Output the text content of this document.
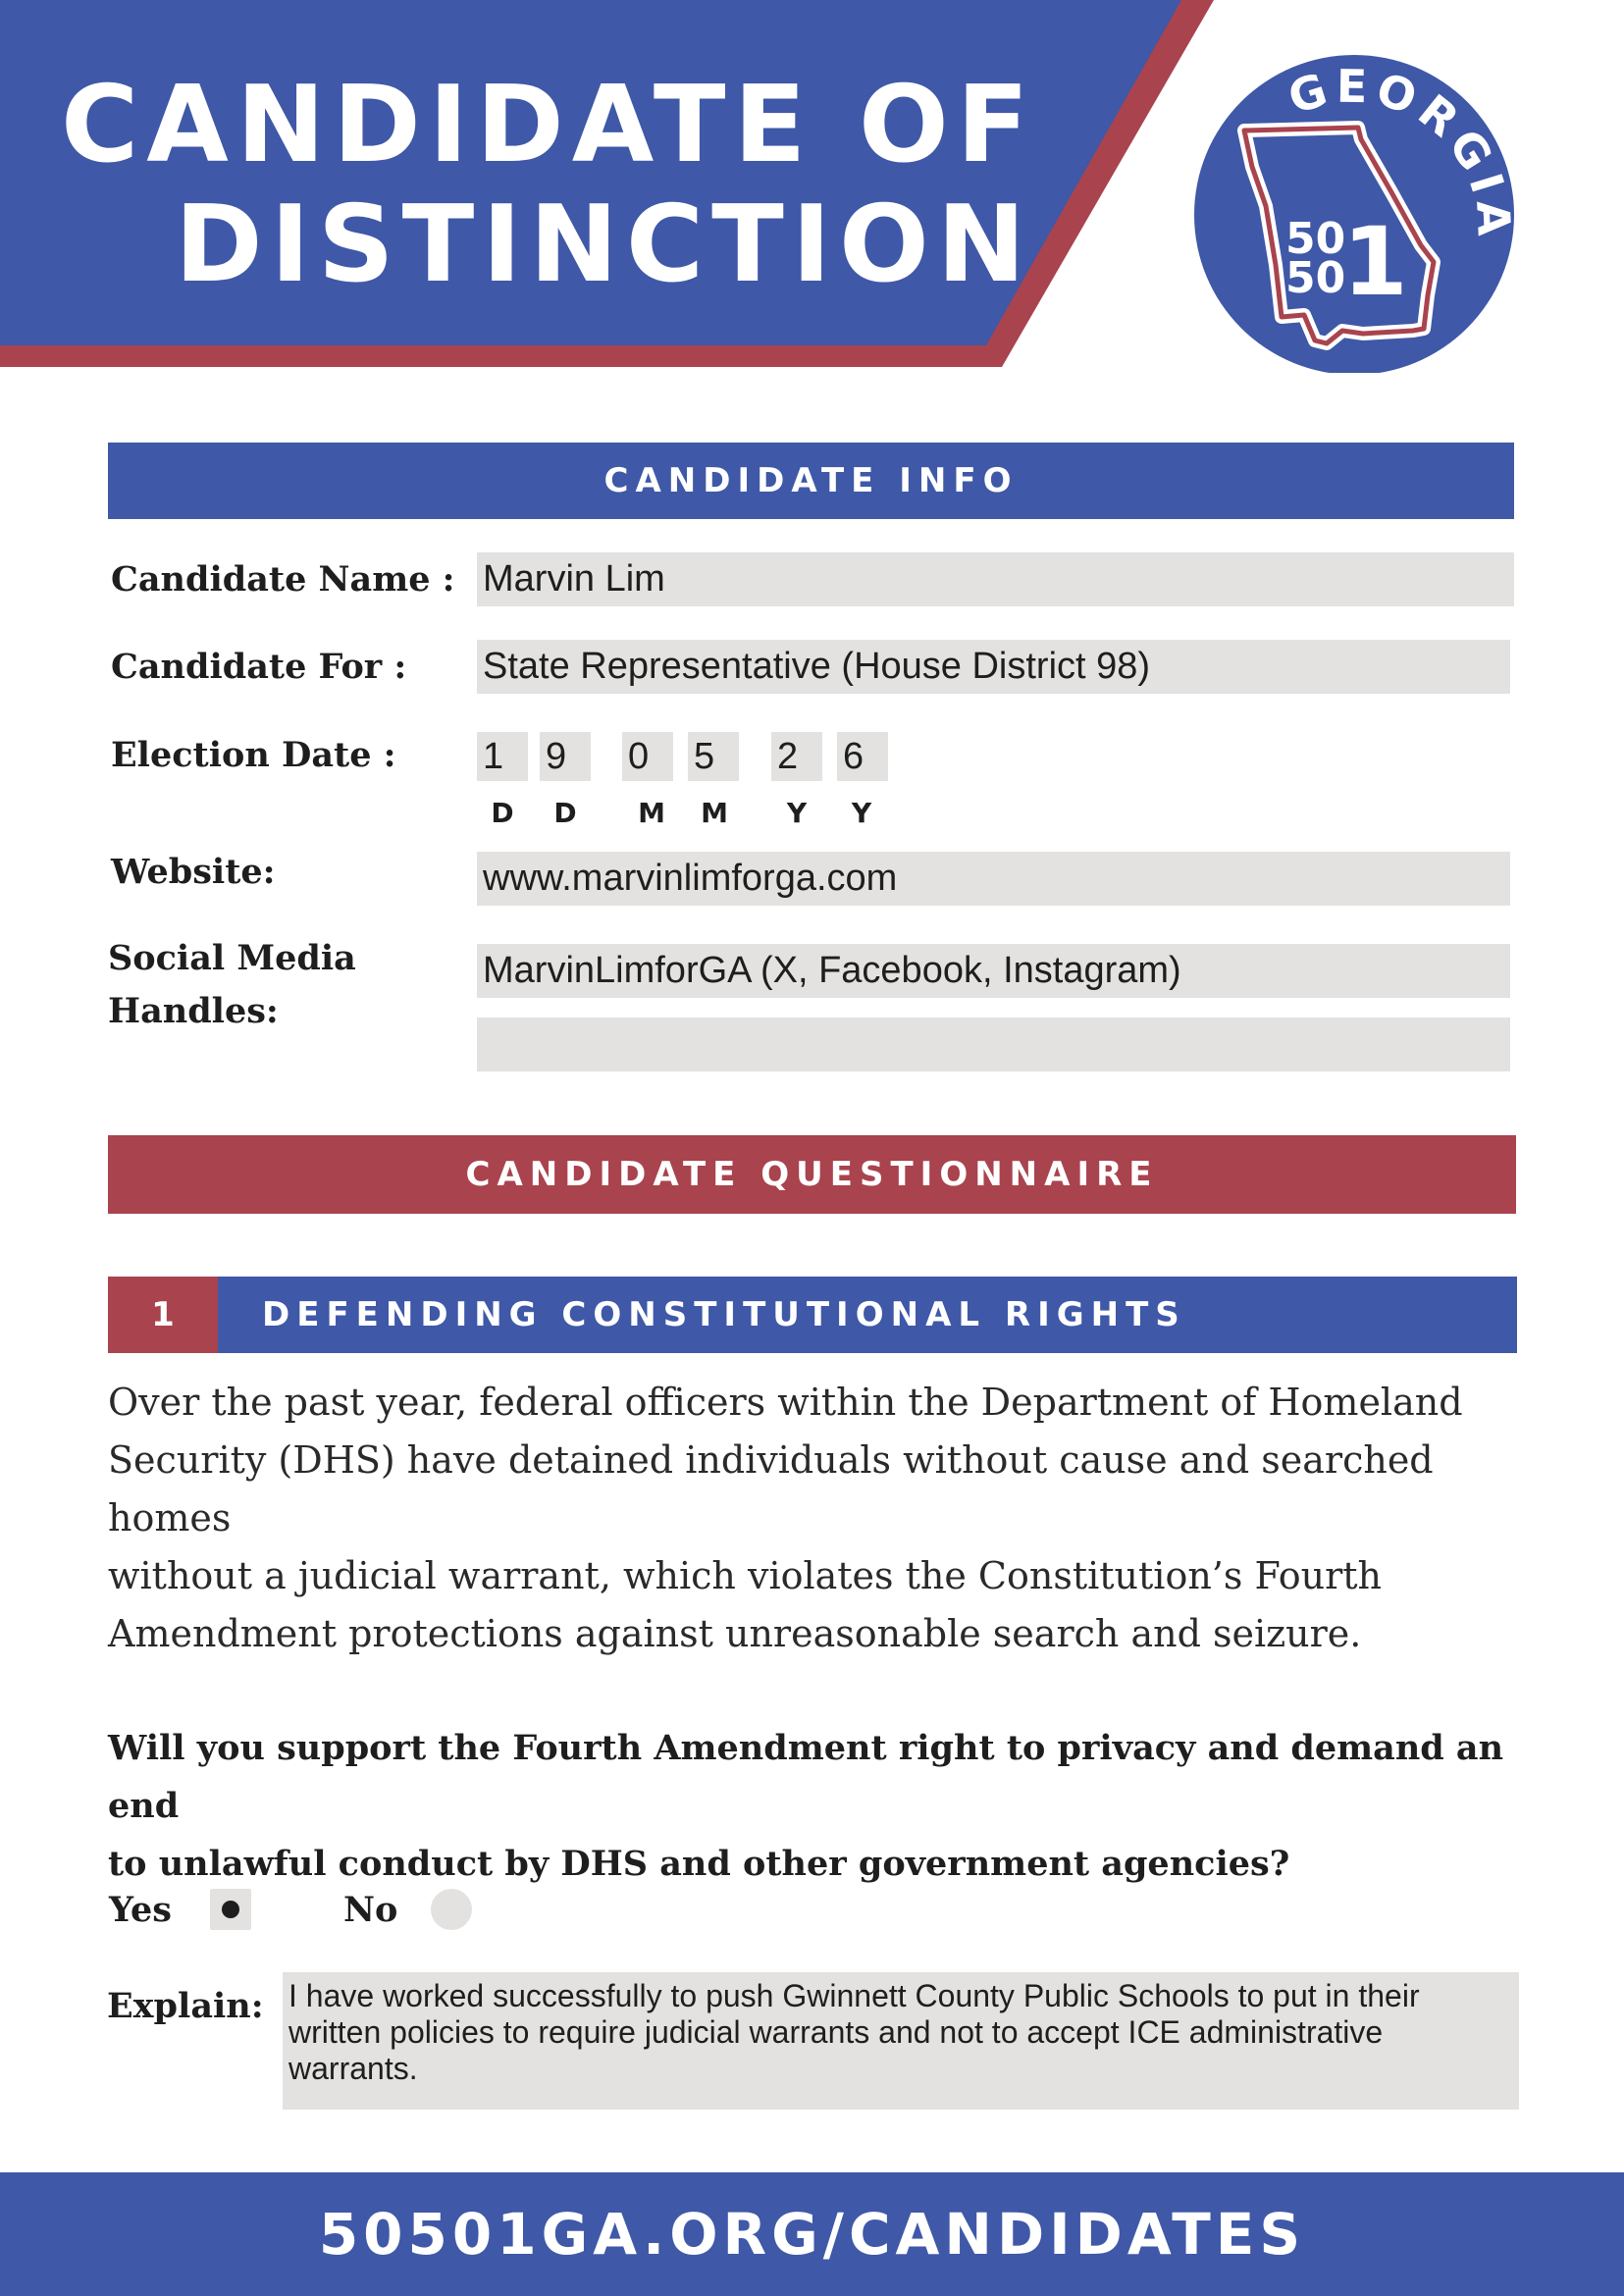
GEORGIA
50
50
1
CANDIDATE OF
DISTINCTION
CANDIDATE INFO
Candidate Name : Marvin Lim
Candidate For : State Representative (House District 98)
Election Date : 1	9	0	5	2	6
D	D	M	M	Y	Y
Website:	www.marvinlimforga.com
Social Media
Handles:
MarvinLimforGA (X, Facebook, Instagram)
CANDIDATE QUESTIONNAIRE
1	DEFENDING CONSTITUTIONAL RIGHTS
Over the past year, federal officers within the Department of Homeland
Security (DHS) have detained individuals without cause and searched homes
without a judicial warrant, which violates the Constitution’s Fourth
Amendment protections against unreasonable search and seizure.
Will you support the Fourth Amendment right to privacy and demand an end
to unlawful conduct by DHS and other government agencies?
Yes	No
Explain: I have worked successfully to push Gwinnett County Public Schools to put in their
written policies to require judicial warrants and not to accept ICE administrative
warrants.
50501GA.ORG/CANDIDATES
